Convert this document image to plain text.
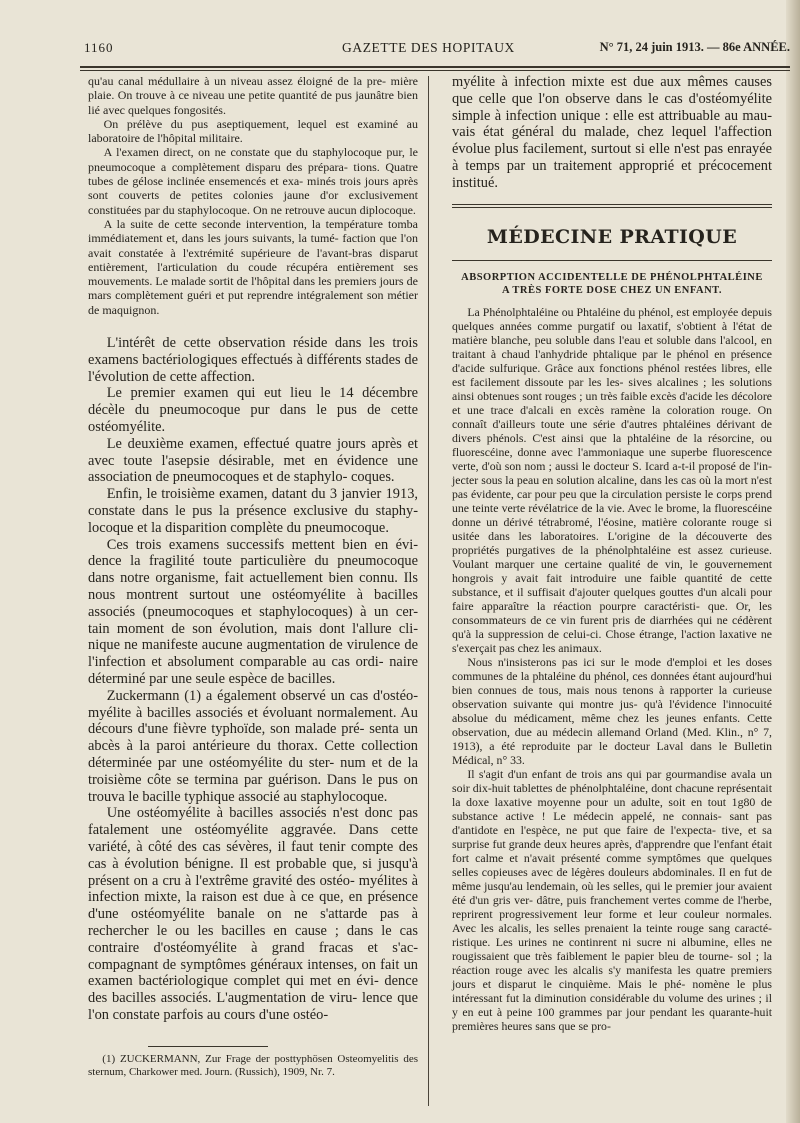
1160	GAZETTE DES HOPITAUX	N° 71, 24 juin 1913. — 86e ANNÉE.

qu'au canal médullaire à un niveau assez éloigné de la pre- mière plaie. On trouve à ce niveau une petite quantité de pus jaunâtre bien lié avec quelques fongosités.

On prélève du pus aseptiquement, lequel est examiné au laboratoire de l'hôpital militaire.

A l'examen direct, on ne constate que du staphylocoque pur, le pneumocoque a complètement disparu des prépara- tions. Quatre tubes de gélose inclinée ensemencés et exa- minés trois jours après sont couverts de petites colonies jaune d'or exclusivement constituées par du staphylocoque. On ne retrouve aucun diplocoque.

A la suite de cette seconde intervention, la température tomba immédiatement et, dans les jours suivants, la tumé- faction que l'on avait constatée à l'extrémité supérieure de l'avant-bras disparut entièrement, l'articulation du coude récupéra entièrement ses mouvements. Le malade sortit de l'hôpital dans les premiers jours de mars complètement guéri et put reprendre intégralement son métier de maquignon.

L'intérêt de cette observation réside dans les trois examens bactériologiques effectués à différents stades de l'évolution de cette affection.

Le premier examen qui eut lieu le 14 décembre décèle du pneumocoque pur dans le pus de cette ostéomyélite.

Le deuxième examen, effectué quatre jours après et avec toute l'asepsie désirable, met en évidence une association de pneumocoques et de staphylo- coques.

Enfin, le troisième examen, datant du 3 janvier 1913, constate dans le pus la présence exclusive du staphy- locoque et la disparition complète du pneumocoque.

Ces trois examens successifs mettent bien en évi- dence la fragilité toute particulière du pneumocoque dans notre organisme, fait actuellement bien connu. Ils nous montrent surtout une ostéomyélite à bacilles associés (pneumocoques et staphylocoques) à un cer- tain moment de son évolution, mais dont l'allure cli- nique ne manifeste aucune augmentation de virulence de l'infection et absolument comparable au cas ordi- naire déterminé par une seule espèce de bacilles.

Zuckermann (1) a également observé un cas d'ostéo- myélite à bacilles associés et évoluant normalement. Au décours d'une fièvre typhoïde, son malade pré- senta un abcès à la paroi antérieure du thorax. Cette collection déterminée par une ostéomyélite du ster- num et de la troisième côte se termina par guérison. Dans le pus on trouva le bacille typhique associé au staphylocoque.

Une ostéomyélite à bacilles associés n'est donc pas fatalement une ostéomyélite aggravée. Dans cette variété, à côté des cas sévères, il faut tenir compte des cas à évolution bénigne. Il est probable que, si jusqu'à présent on a cru à l'extrême gravité des ostéo- myélites à infection mixte, la raison est due à ce que, en présence d'une ostéomyélite banale on ne s'attarde pas à rechercher le ou les bacilles en cause ; dans le cas contraire d'ostéomyélite à grand fracas et s'ac- compagnant de symptômes généraux intenses, on fait un examen bactériologique complet qui met en évi- dence des bacilles associés. L'augmentation de viru- lence que l'on constate parfois au cours d'une ostéo-

(1) ZUCKERMANN, Zur Frage der posttyphösen Osteomyelitis des sternum, Charkower med. Journ. (Russich), 1909, Nr. 7.

myélite à infection mixte est due aux mêmes causes que celle que l'on observe dans le cas d'ostéomyélite simple à infection unique : elle est attribuable au mau- vais état général du malade, chez lequel l'affection évolue plus facilement, surtout si elle n'est pas enrayée à temps par un traitement approprié et précocement institué.

MÉDECINE PRATIQUE
ABSORPTION ACCIDENTELLE DE PHÉNOLPHTALÉINE
A TRÈS FORTE DOSE CHEZ UN ENFANT.

La Phénolphtaléine ou Phtaléine du phénol, est employée depuis quelques années comme purgatif ou laxatif, s'obtient à l'état de matière blanche, peu soluble dans l'eau et soluble dans l'alcool, en traitant à chaud l'anhydride phtalique par le phénol en présence d'acide sulfurique. Grâce aux fonctions phénol restées libres, elle est facilement dissoute par les les- sives alcalines ; les solutions ainsi obtenues sont rouges ; un très faible excès d'acide les décolore et une trace d'alcali en excès ramène la coloration rouge. On connaît d'ailleurs toute une série d'autres phtaléines dérivant de divers phénols. C'est ainsi que la phtaléine de la résorcine, ou fluorescéine, donne avec l'ammoniaque une superbe fluorescence verte, d'où son nom ; aussi le docteur S. Icard a-t-il proposé de l'in- jecter sous la peau en solution alcaline, dans les cas où la mort n'est pas évidente, car pour peu que la circulation persiste le corps prend une teinte verte révélatrice de la vie. Avec le brome, la fluorescéine donne un dérivé tétrabromé, l'éosine, matière colorante rouge si usitée dans les laboratoires. L'origine de la découverte des propriétés purgatives de la phénolphtaléine est assez curieuse. Voulant marquer une certaine qualité de vin, le gouvernement hongrois y avait fait introduire une faible quantité de cette substance, et il suffisait d'ajouter quelques gouttes d'un alcali pour faire apparaître la réaction pourpre caractéristi- que. Or, les consommateurs de ce vin furent pris de diarrhées qui ne cédèrent qu'à la suppression de celui-ci. Chose étrange, l'action laxative ne s'exerçait pas chez les animaux.

Nous n'insisterons pas ici sur le mode d'emploi et les doses communes de la phtaléine du phénol, ces données étant aujourd'hui bien connues de tous, mais nous tenons à rapporter la curieuse observation suivante qui montre jus- qu'à l'évidence l'innocuité absolue du médicament, même chez les jeunes enfants. Cette observation, due au médecin allemand Orland (Med. Klin., n° 7, 1913), a été reproduite par le docteur Laval dans le Bulletin Médical, n° 33.

Il s'agit d'un enfant de trois ans qui par gourmandise avala un soir dix-huit tablettes de phénolphtaléine, dont chacune représentait la doxe laxative moyenne pour un adulte, soit en tout 1g80 de substance active ! Le médecin appelé, ne connais- sant pas d'antidote en l'espèce, ne put que faire de l'expecta- tive, et sa surprise fut grande deux heures après, d'apprendre que l'enfant était fort calme et n'avait présenté comme symptômes que quelques selles copieuses avec de légères douleurs abdominales. Il en fut de même jusqu'au lendemain, où les selles, qui le premier jour avaient été d'un gris ver- dâtre, puis franchement vertes comme de l'herbe, reprirent progressivement leur forme et leur couleur normales. Avec les alcalis, les selles prenaient la teinte rouge sang caracté- ristique. Les urines ne continrent ni sucre ni albumine, elles ne rougissaient que très faiblement le papier bleu de tourne- sol ; la réaction rouge avec les alcalis s'y manifesta les quatre premiers jours et disparut le cinquième. Mais le phé- nomène le plus intéressant fut la diminution considérable du volume des urines ; il y en eut à peine 100 grammes par jour pendant les quarante-huit premières heures sans que se pro-
